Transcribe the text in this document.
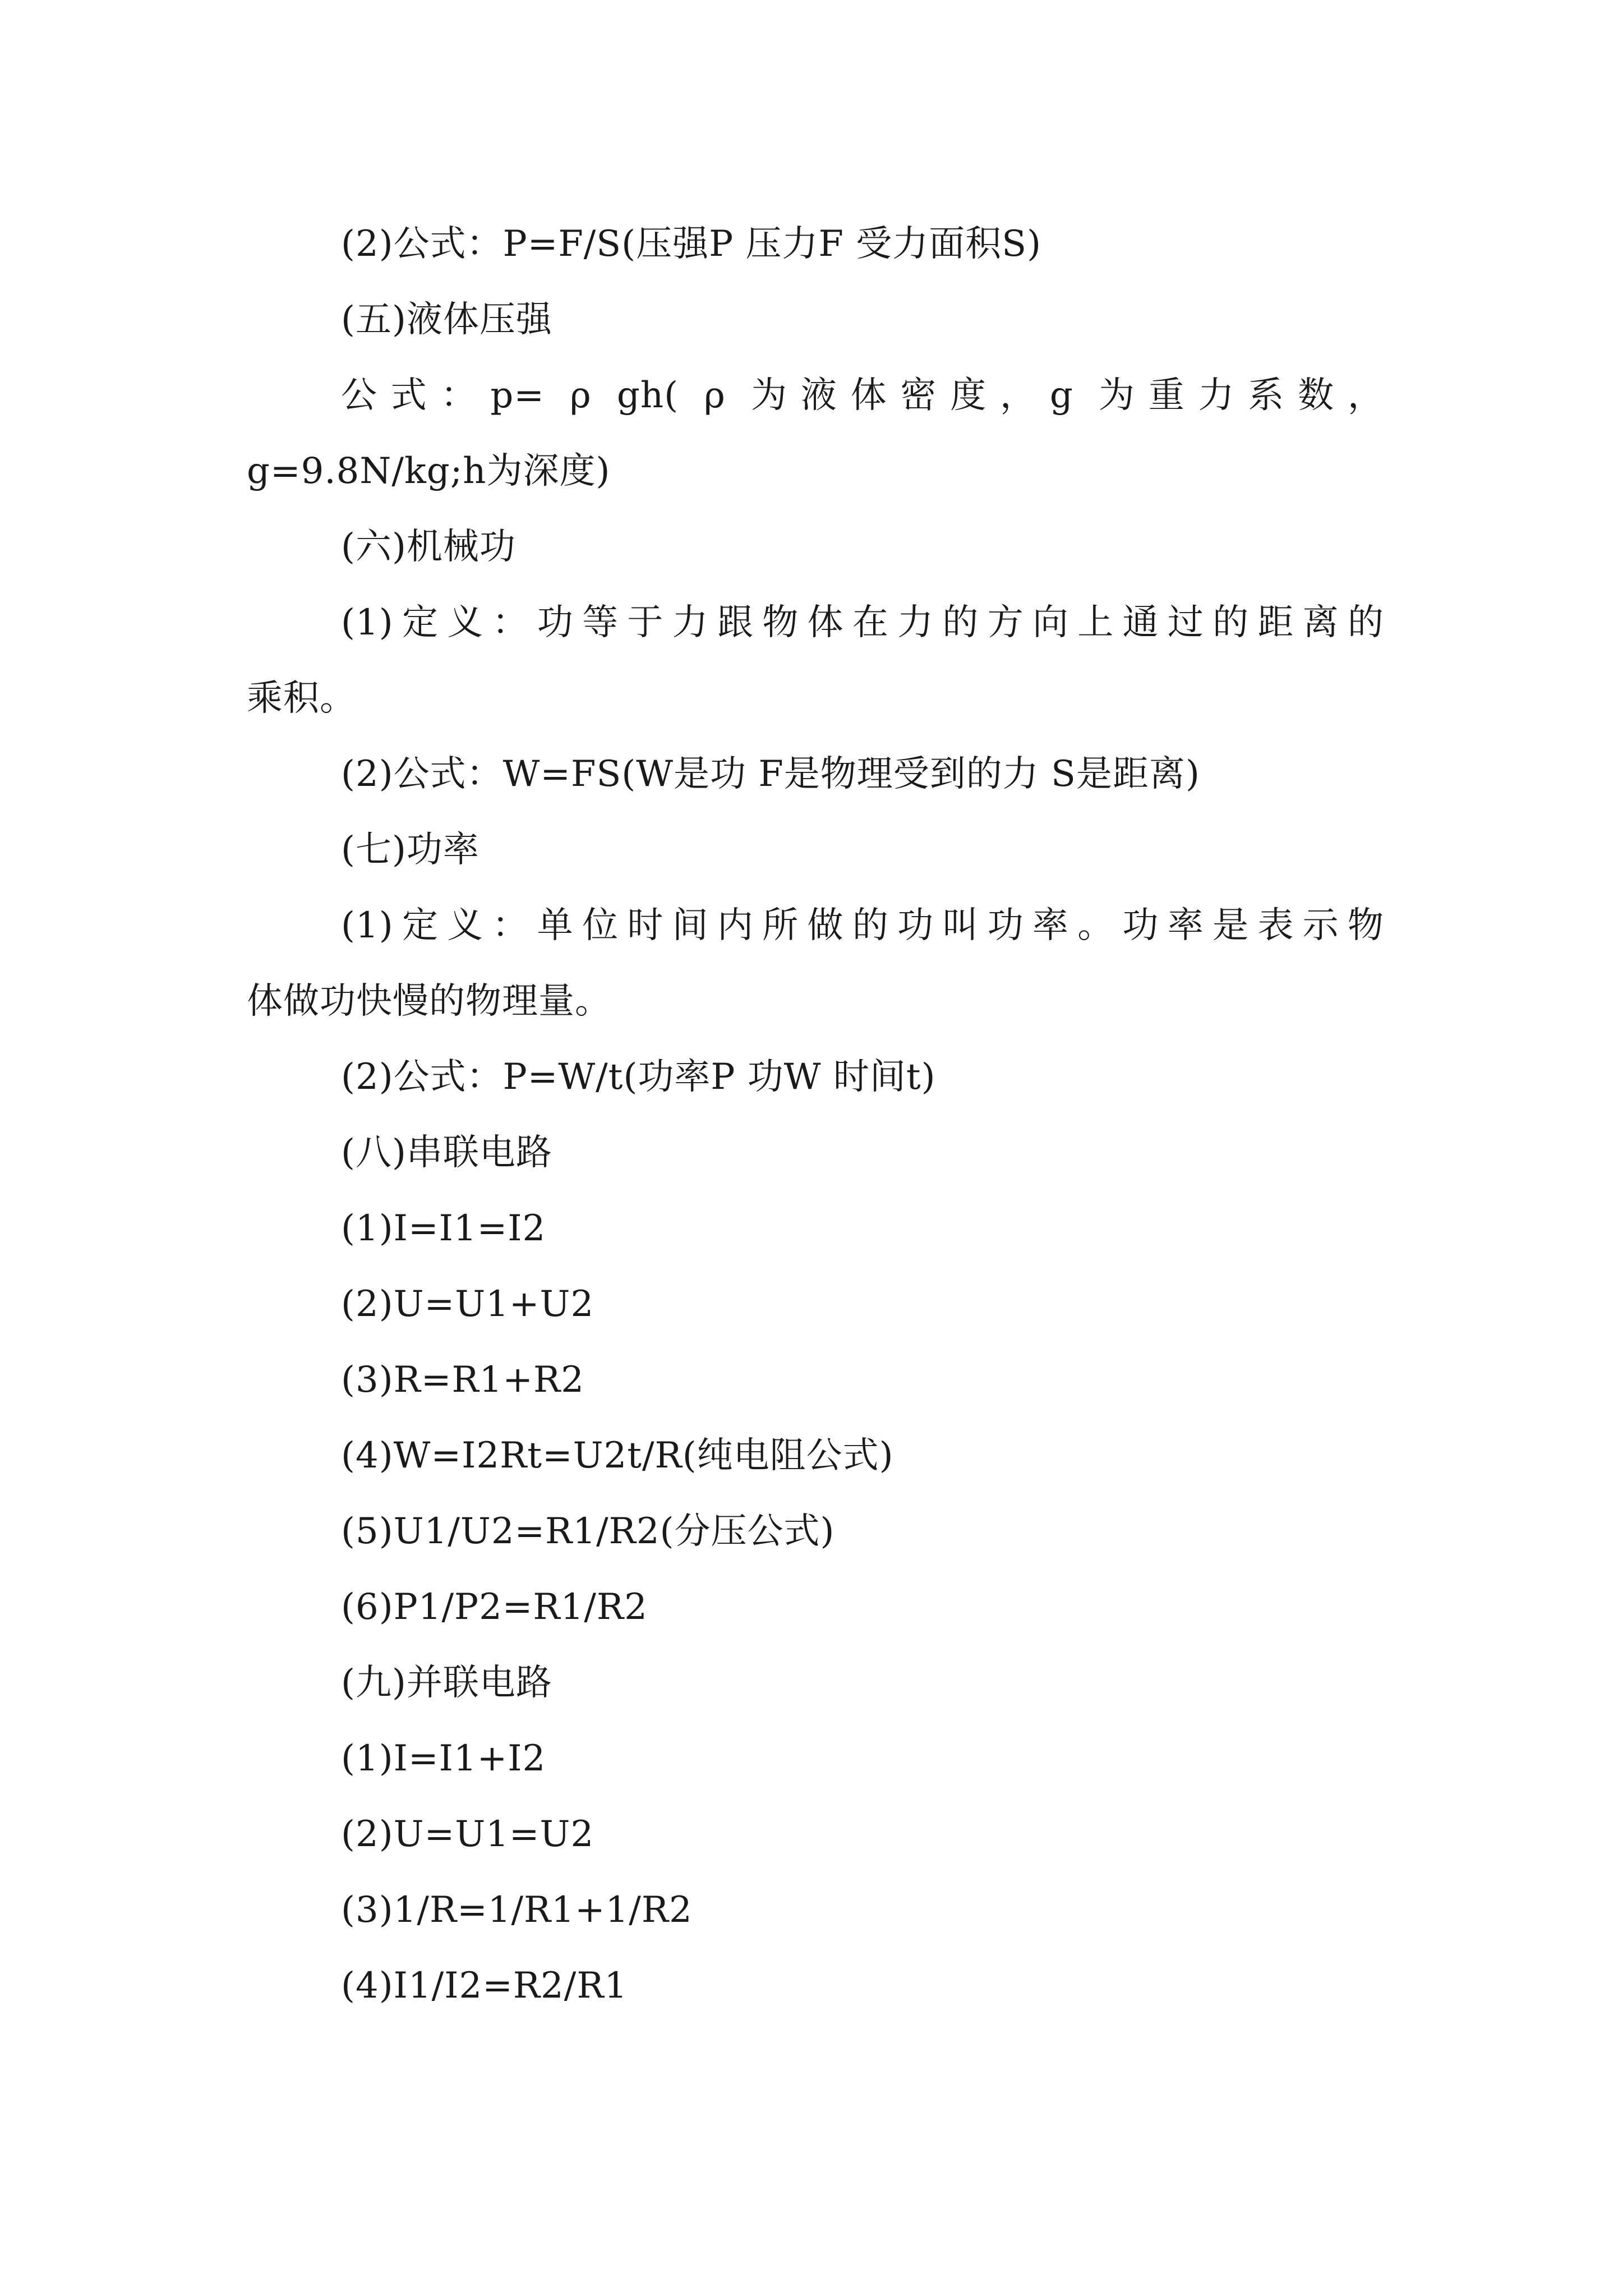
(2)公式：P=F/S(压强P 压力F 受力面积S)
(五)液体压强
公式：p= ρ gh( ρ 为液体密度，g 为重力系数，
g=9.8N/kg;h为深度)
(六)机械功
(1)定义：功等于力跟物体在力的方向上通过的距离的
乘积。
(2)公式：W=FS(W是功 F是物理受到的力 S是距离)
(七)功率
(1)定义：单位时间内所做的功叫功率。功率是表示物
体做功快慢的物理量。
(2)公式：P=W/t(功率P 功W 时间t)
(八)串联电路
(1)I=I1=I2
(2)U=U1+U2
(3)R=R1+R2
(4)W=I2Rt=U2t/R(纯电阻公式)
(5)U1/U2=R1/R2(分压公式)
(6)P1/P2=R1/R2
(九)并联电路
(1)I=I1+I2
(2)U=U1=U2
(3)1/R=1/R1+1/R2
(4)I1/I2=R2/R1
